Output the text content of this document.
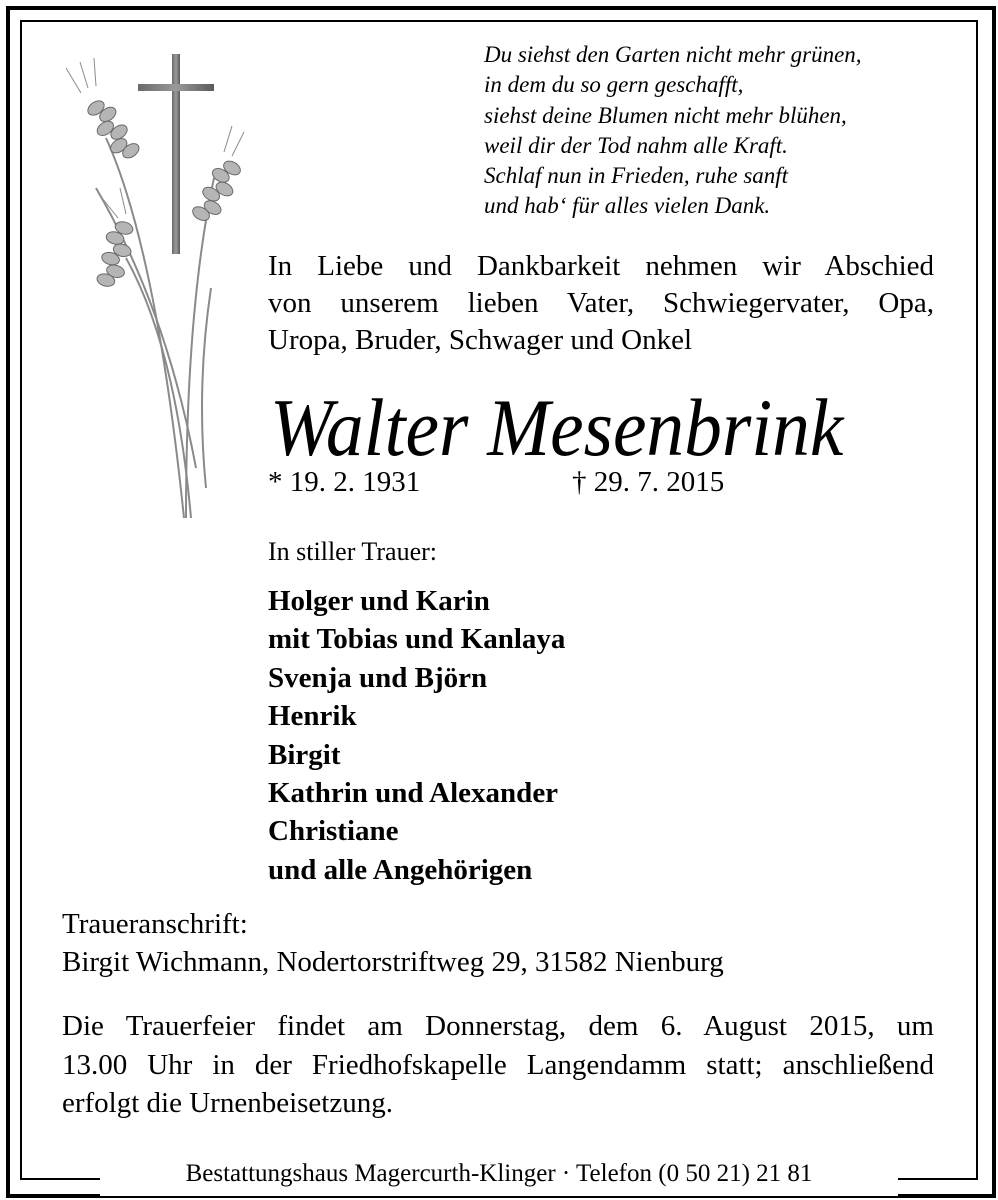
Du siehst den Garten nicht mehr grünen,
in dem du so gern geschafft,
siehst deine Blumen nicht mehr blühen,
weil dir der Tod nahm alle Kraft.
Schlaf nun in Frieden, ruhe sanft
und hab‘ für alles vielen Dank.
In Liebe und Dankbarkeit nehmen wir Abschied
von unserem lieben Vater, Schwiegervater, Opa,
Uropa, Bruder, Schwager und Onkel
Walter Mesenbrink
* 19. 2. 1931	† 29. 7. 2015
In stiller Trauer:
Holger und Karin
mit Tobias und Kanlaya
Svenja und Björn
Henrik
Birgit
Kathrin und Alexander
Christiane
und alle Angehörigen
Traueranschrift:
Birgit Wichmann, Nodertorstriftweg 29, 31582 Nienburg
Die Trauerfeier findet am Donnerstag, dem 6. August 2015, um
13.00 Uhr in der Friedhofskapelle Langendamm statt; anschließend
erfolgt die Urnenbeisetzung.
Bestattungshaus Magercurth-Klinger · Telefon (0 50 21) 21 81
